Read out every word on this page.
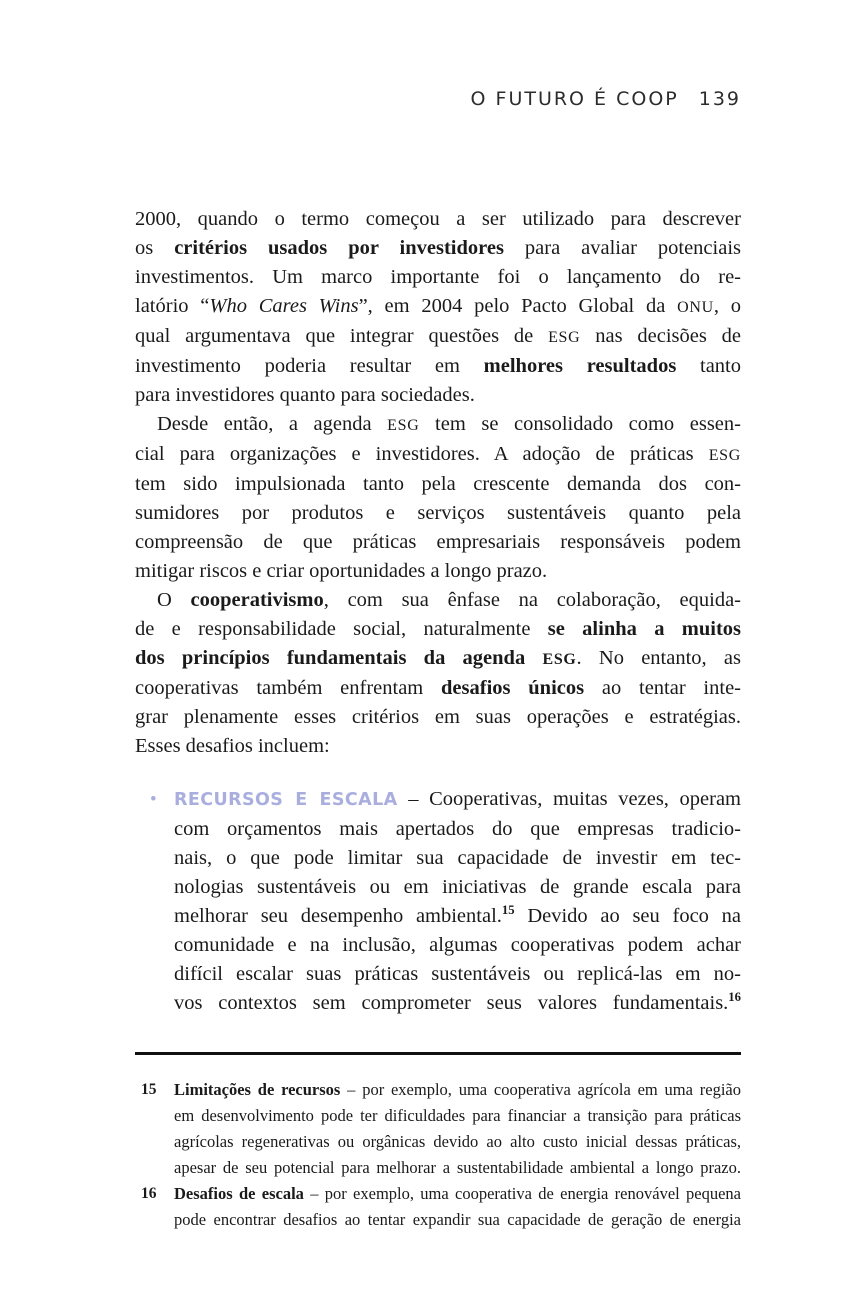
O FUTURO É COOP 139
2000, quando o termo começou a ser utilizado para descrever
os critérios usados por investidores para avaliar potenciais
investimentos. Um marco importante foi o lançamento do re-
latório “Who Cares Wins”, em 2004 pelo Pacto Global da ONU, o
qual argumentava que integrar questões de ESG nas decisões de
investimento poderia resultar em melhores resultados tanto
para investidores quanto para sociedades.
Desde então, a agenda ESG tem se consolidado como essen-
cial para organizações e investidores. A adoção de práticas ESG
tem sido impulsionada tanto pela crescente demanda dos con-
sumidores por produtos e serviços sustentáveis quanto pela
compreensão de que práticas empresariais responsáveis podem
mitigar riscos e criar oportunidades a longo prazo.
O cooperativismo, com sua ênfase na colaboração, equida-
de e responsabilidade social, naturalmente se alinha a muitos
dos princípios fundamentais da agenda ESG. No entanto, as
cooperativas também enfrentam desafios únicos ao tentar inte-
grar plenamente esses critérios em suas operações e estratégias.
Esses desafios incluem:
• RECURSOS E ESCALA – Cooperativas, muitas vezes, operam
com orçamentos mais apertados do que empresas tradicio-
nais, o que pode limitar sua capacidade de investir em tec-
nologias sustentáveis ou em iniciativas de grande escala para
melhorar seu desempenho ambiental.$^{15}$ Devido ao seu foco na
comunidade e na inclusão, algumas cooperativas podem achar
difícil escalar suas práticas sustentáveis ou replicá-las em no-
vos contextos sem comprometer seus valores fundamentais.$^{16}$
15 Limitações de recursos – por exemplo, uma cooperativa agrícola em uma região
em desenvolvimento pode ter dificuldades para financiar a transição para práticas
agrícolas regenerativas ou orgânicas devido ao alto custo inicial dessas práticas,
apesar de seu potencial para melhorar a sustentabilidade ambiental a longo prazo.
16 Desafios de escala – por exemplo, uma cooperativa de energia renovável pequena
pode encontrar desafios ao tentar expandir sua capacidade de geração de energia
